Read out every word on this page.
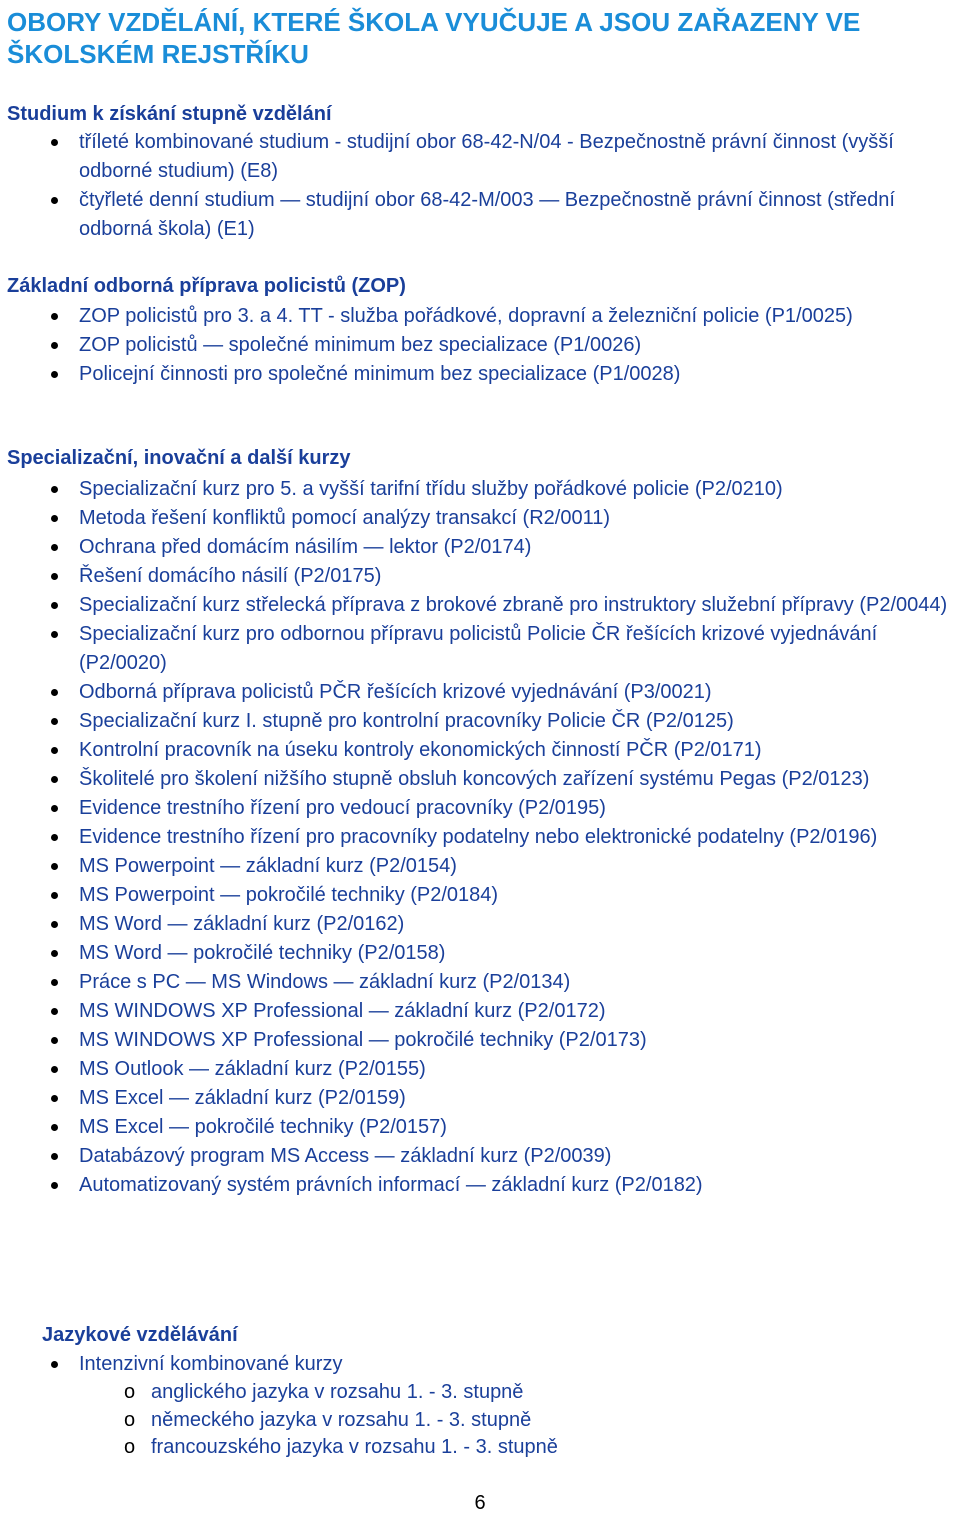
OBORY VZDĚLÁNÍ, KTERÉ ŠKOLA VYUČUJE A JSOU ZAŘAZENY VE ŠKOLSKÉM REJSTŘÍKU
Studium k získání stupně vzdělání
tříleté kombinované studium - studijní obor 68-42-N/04 - Bezpečnostně právní činnost (vyšší odborné studium) (E8)
čtyřleté denní studium — studijní obor 68-42-M/003 — Bezpečnostně právní činnost (střední odborná škola) (E1)
Základní odborná příprava policistů (ZOP)
ZOP policistů pro 3. a 4. TT - služba pořádkové, dopravní a železniční policie (P1/0025)
ZOP policistů — společné minimum bez specializace (P1/0026)
Policejní činnosti pro společné minimum bez specializace (P1/0028)
Specializační, inovační a další kurzy
Specializační kurz pro 5. a vyšší tarifní třídu služby pořádkové policie (P2/0210)
Metoda řešení konfliktů pomocí analýzy transakcí (R2/0011)
Ochrana před domácím násilím — lektor (P2/0174)
Řešení domácího násilí (P2/0175)
Specializační kurz střelecká příprava z brokové zbraně pro instruktory služební přípravy (P2/0044)
Specializační kurz pro odbornou přípravu policistů Policie ČR řešících krizové vyjednávání (P2/0020)
Odborná příprava policistů PČR řešících krizové vyjednávání (P3/0021)
Specializační kurz I. stupně pro kontrolní pracovníky Policie ČR (P2/0125)
Kontrolní pracovník na úseku kontroly ekonomických činností PČR (P2/0171)
Školitelé pro školení nižšího stupně obsluh koncových zařízení systému Pegas (P2/0123)
Evidence trestního řízení pro vedoucí pracovníky (P2/0195)
Evidence trestního řízení pro pracovníky podatelny nebo elektronické podatelny (P2/0196)
MS Powerpoint — základní kurz (P2/0154)
MS Powerpoint — pokročilé techniky (P2/0184)
MS Word — základní kurz (P2/0162)
MS Word — pokročilé techniky (P2/0158)
Práce s PC — MS Windows — základní kurz (P2/0134)
MS WINDOWS XP Professional — základní kurz (P2/0172)
MS WINDOWS XP Professional — pokročilé techniky (P2/0173)
MS Outlook — základní kurz (P2/0155)
MS Excel — základní kurz (P2/0159)
MS Excel — pokročilé techniky (P2/0157)
Databázový program MS Access — základní kurz (P2/0039)
Automatizovaný systém právních informací — základní kurz (P2/0182)
Jazykové vzdělávání
Intenzivní kombinované kurzy
o anglického jazyka v rozsahu 1. - 3. stupně
o německého jazyka v rozsahu 1. - 3. stupně
o francouzského jazyka v rozsahu 1. - 3. stupně
6
